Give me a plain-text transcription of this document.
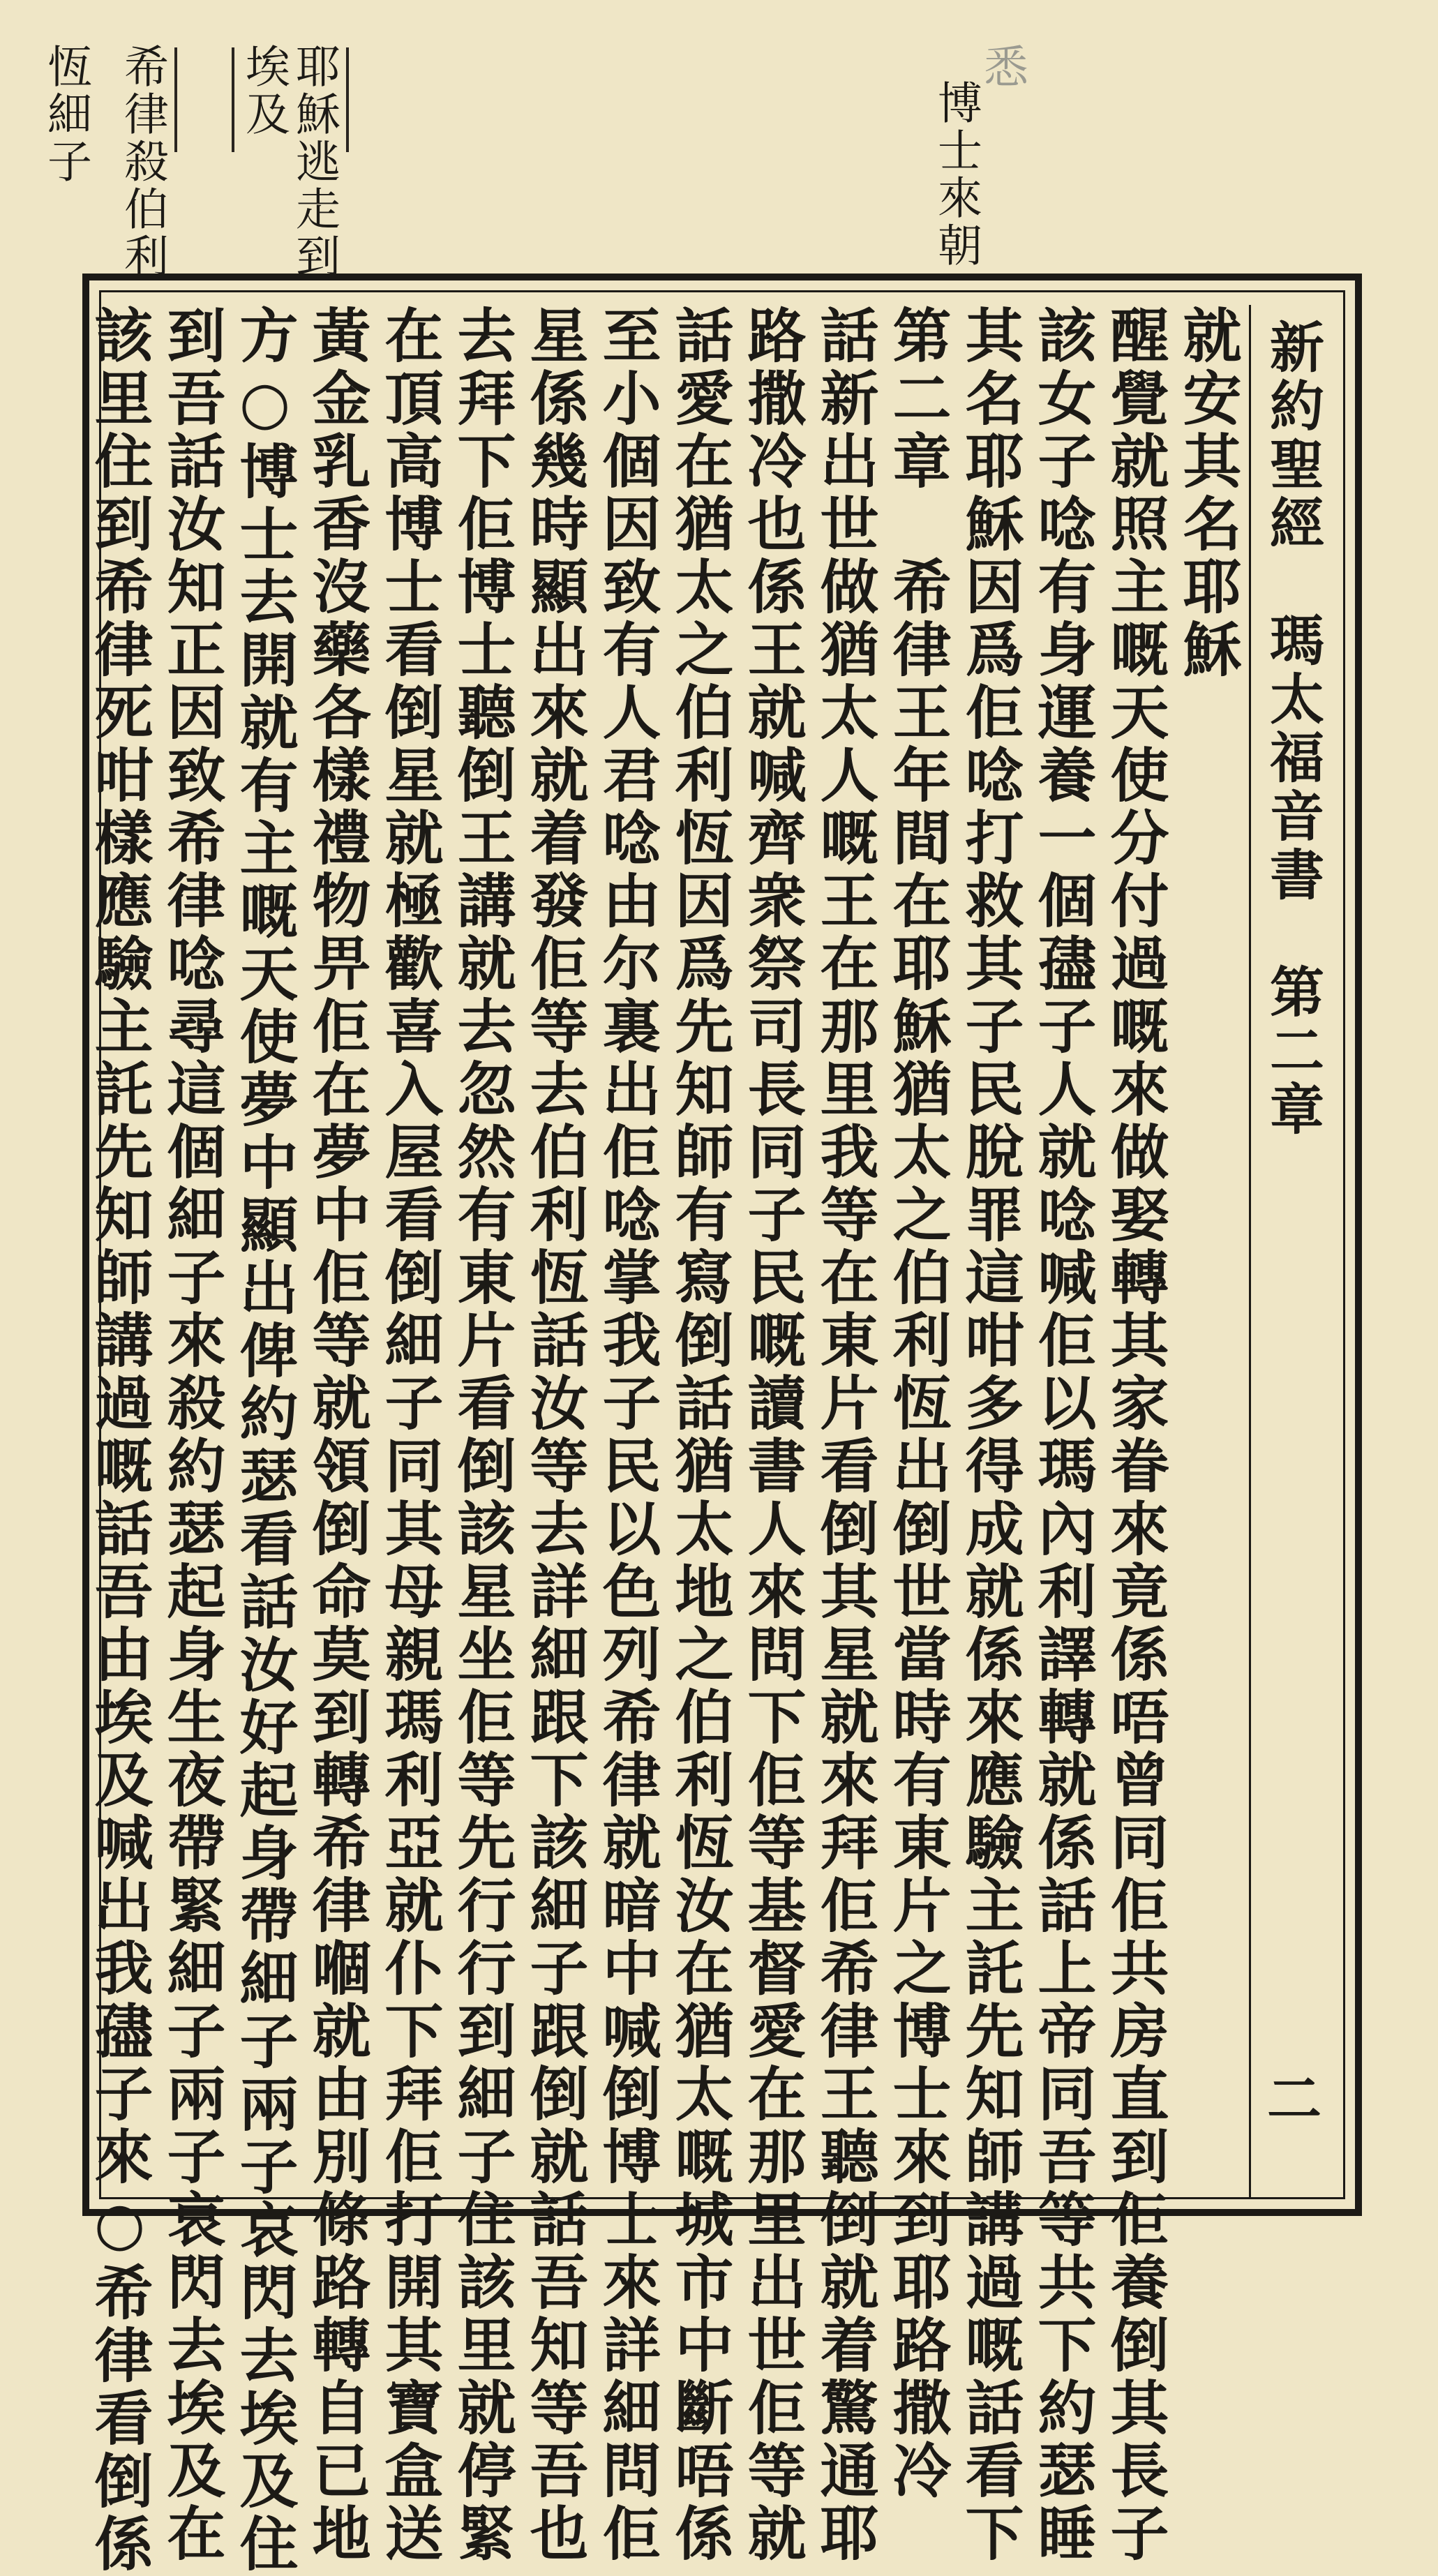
悉
博士來朝
耶穌逃走到
埃及
希律殺伯利
恆細子
新約聖經　瑪太福音書　第二章
二
就安其名耶穌
醒覺就照主嘅天使分付過嘅來做娶轉其家眷來竟係唔曾同佢共房直到佢養倒其長子
該女子唸有身運養一個孻子人就唸喊佢以瑪內利譯轉就係話上帝同吾等共下約瑟睡
其名耶穌因爲佢唸打救其子民脫罪這咁多得成就係來應驗主託先知師講過嘅話看下
第二章　希律王年間在耶穌猶太之伯利恆出倒世當時有東片之博士來到耶路撒冷
話新出世做猶太人嘅王在那里我等在東片看倒其星就來拜佢希律王聽倒就着驚通耶
路撒冷也係王就喊齊衆祭司長同子民嘅讀書人來問下佢等基督愛在那里出世佢等就
話愛在猶太之伯利恆因爲先知師有寫倒話猶太地之伯利恆汝在猶太嘅城市中斷唔係
至小個因致有人君唸由尔裏出佢唸掌我子民以色列希律就暗中喊倒博士來詳細問佢
星係幾時顯出來就着發佢等去伯利恆話汝等去詳細跟下該細子跟倒就話吾知等吾也
去拜下佢博士聽倒王講就去忽然有東片看倒該星坐佢等先行行到細子住該里就停緊
在頂高博士看倒星就極歡喜入屋看倒細子同其母親瑪利亞就仆下拜佢打開其寶盒送
黃金乳香沒藥各樣禮物畀佢在夢中佢等就領倒命莫到轉希律嗰就由別條路轉自已地
方○博士去開就有主嘅天使夢中顯出俾約瑟看話汝好起身帶細子兩子哀閃去埃及住
到吾話汝知正因致希律唸尋這個細子來殺約瑟起身生夜帶緊細子兩子哀閃去埃及在
該里住到希律死咁樣應驗主託先知師講過嘅話吾由埃及喊出我孻子來○希律看倒係
